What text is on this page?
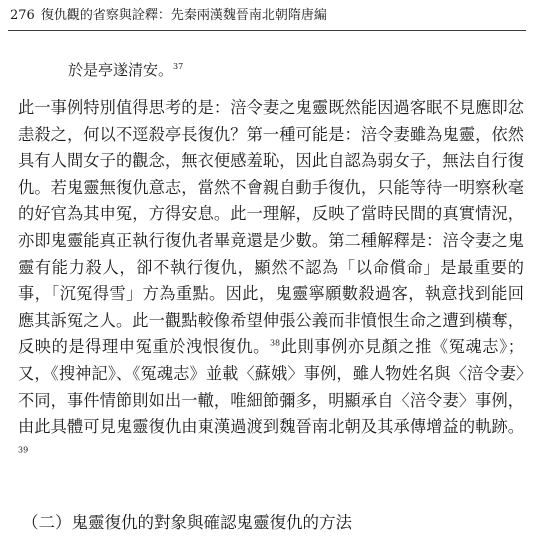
276 復仇觀的省察與詮釋：先秦兩漢魏晉南北朝隋唐編
於是亭遂清安。$^{37}$

此一事例特別值得思考的是：涪令妻之鬼靈既然能因過客眠不見應即忿恚殺之，何以不逕殺亭長復仇？第一種可能是：涪令妻雖為鬼靈，依然具有人間女子的觀念，無衣便感羞恥，因此自認為弱女子，無法自行復仇。若鬼靈無復仇意志，當然不會親自動手復仇，只能等待一明察秋毫的好官為其申冤，方得安息。此一理解，反映了當時民間的真實情況，亦即鬼靈能真正執行復仇者畢竟還是少數。第二種解釋是：涪令妻之鬼靈有能力殺人，卻不執行復仇，顯然不認為「以命償命」是最重要的事，「沉冤得雪」方為重點。因此，鬼靈寧願數殺過客，執意找到能回應其訴冤之人。此一觀點較像希望伸張公義而非憤恨生命之遭到橫奪，反映的是得理申冤重於洩恨復仇。$^{38}$此則事例亦見顏之推《冤魂志》；又，《搜神記》、《冤魂志》並載〈蘇娥〉事例，雖人物姓名與〈涪令妻〉不同，事件情節則如出一轍，唯細節彌多，明顯承自〈涪令妻〉事例，由此具體可見鬼靈復仇由東漢過渡到魏晉南北朝及其承傳增益的軌跡。$^{39}$

（二）鬼靈復仇的對象與確認鬼靈復仇的方法
